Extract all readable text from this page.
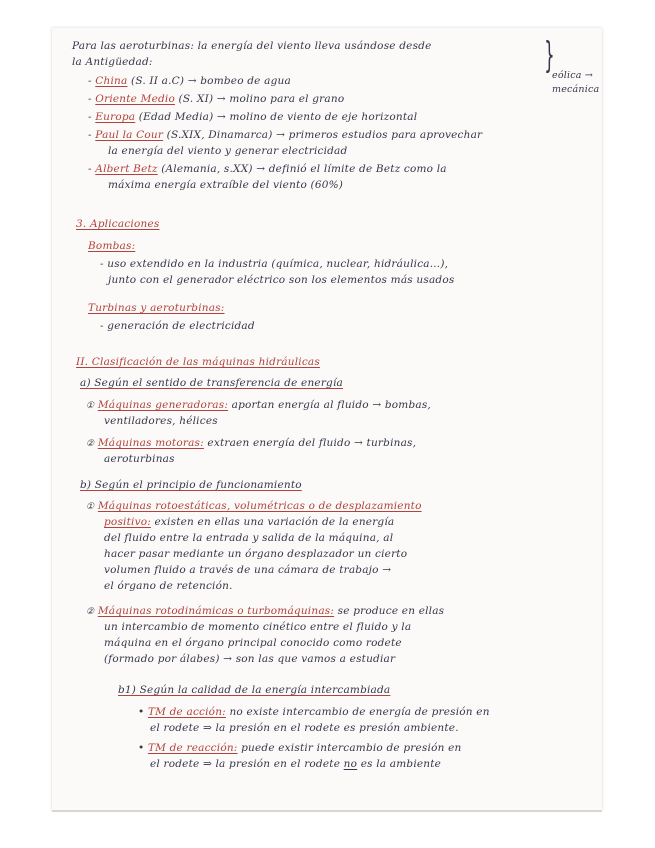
Para las aeroturbinas: la energía del viento lleva usándose desde
la Antigüedad:
- China (S. II a.C) → bombeo de agua
- Oriente Medio (S. XI) → molino para el grano
- Europa (Edad Media) → molino de viento de eje horizontal
- Paul la Cour (S.XIX, Dinamarca) → primeros estudios para aprovechar
la energía del viento y generar electricidad
- Albert Betz (Alemania, s.XX) → definió el límite de Betz como la
máxima energía extraíble del viento (60%)
}
eólica →
mecánica
3. Aplicaciones
Bombas:
- uso extendido en la industria (química, nuclear, hidráulica...),
junto con el generador eléctrico son los elementos más usados
Turbinas y aeroturbinas:
- generación de electricidad
II. Clasificación de las máquinas hidráulicas
a) Según el sentido de transferencia de energía
① Máquinas generadoras: aportan energía al fluido → bombas,
ventiladores, hélices
② Máquinas motoras: extraen energía del fluido → turbinas,
aeroturbinas
b) Según el principio de funcionamiento
① Máquinas rotoestáticas, volumétricas o de desplazamiento
positivo: existen en ellas una variación de la energía
del fluido entre la entrada y salida de la máquina, al
hacer pasar mediante un órgano desplazador un cierto
volumen fluido a través de una cámara de trabajo →
el órgano de retención.
② Máquinas rotodinámicas o turbomáquinas: se produce en ellas
un intercambio de momento cinético entre el fluido y la
máquina en el órgano principal conocido como rodete
(formado por álabes) → son las que vamos a estudiar
b1) Según la calidad de la energía intercambiada
• TM de acción: no existe intercambio de energía de presión en
el rodete ⇒ la presión en el rodete es presión ambiente.
• TM de reacción: puede existir intercambio de presión en
el rodete ⇒ la presión en el rodete no es la ambiente
